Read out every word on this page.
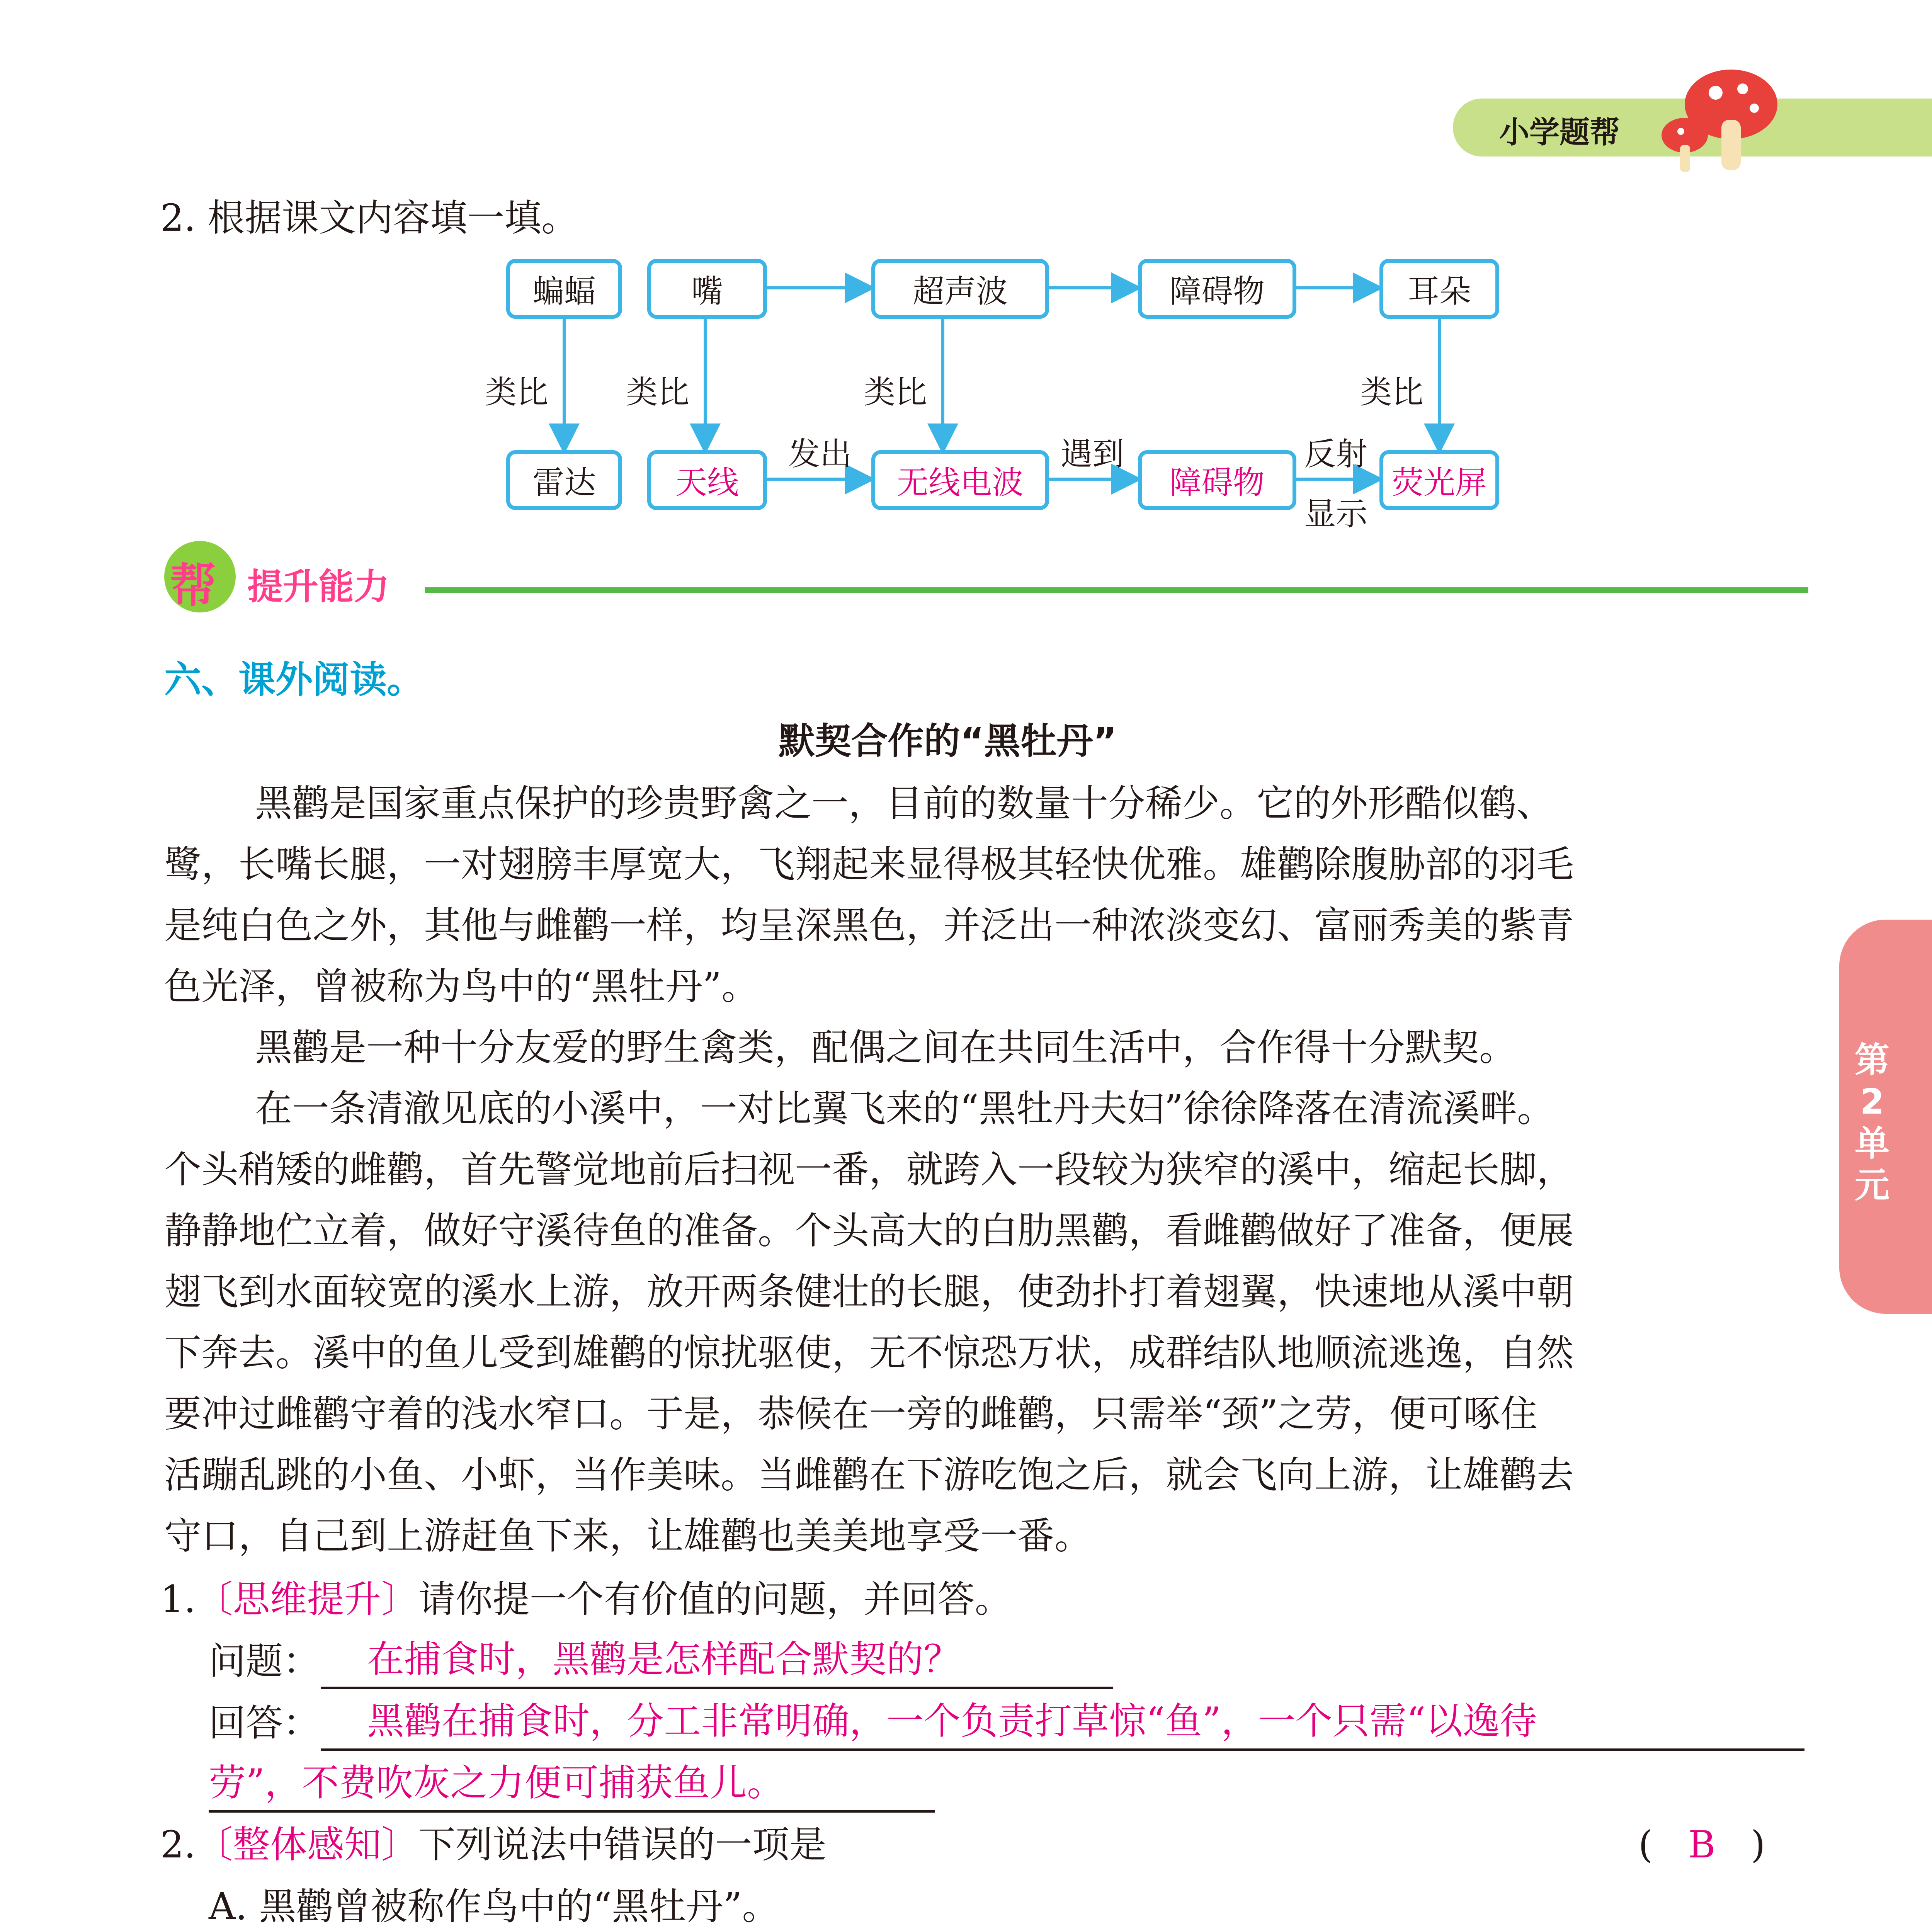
小学题帮
2. 根据课文内容填一填。
蝙蝠	嘴	超声波	障碍物	耳朵
雷达	天线	无线电波	障碍物	荧光屏
类比 类比	类比	类比
发出	遇到	反射
显示
帮 提升能力
六、课外阅读。
默契合作的“黑牡丹”
黑鹳是国家重点保护的珍贵野禽之一，目前的数量十分稀少。它的外形酷似鹤、
鹭，长嘴长腿，一对翅膀丰厚宽大，飞翔起来显得极其轻快优雅。雄鹳除腹胁部的羽毛
是纯白色之外，其他与雌鹳一样，均呈深黑色，并泛出一种浓淡变幻、富丽秀美的紫青
色光泽，曾被称为鸟中的“黑牡丹”。
黑鹳是一种十分友爱的野生禽类，配偶之间在共同生活中，合作得十分默契。
在一条清澈见底的小溪中，一对比翼飞来的“黑牡丹夫妇”徐徐降落在清流溪畔。
个头稍矮的雌鹳，首先警觉地前后扫视一番，就跨入一段较为狭窄的溪中，缩起长脚，
静静地伫立着，做好守溪待鱼的准备。个头高大的白肋黑鹳，看雌鹳做好了准备，便展
翅飞到水面较宽的溪水上游，放开两条健壮的长腿，使劲扑打着翅翼，快速地从溪中朝
下奔去。溪中的鱼儿受到雄鹳的惊扰驱使，无不惊恐万状，成群结队地顺流逃逸，自然
要冲过雌鹳守着的浅水窄口。于是，恭候在一旁的雌鹳，只需举“颈”之劳，便可啄住
活蹦乱跳的小鱼、小虾，当作美味。当雌鹳在下游吃饱之后，就会飞向上游，让雄鹳去
守口，自己到上游赶鱼下来，让雄鹳也美美地享受一番。
第2单元
1.〔思维提升〕请你提一个有价值的问题，并回答。
问题： 在捕食时，黑鹳是怎样配合默契的？
回答： 黑鹳在捕食时，分工非常明确，一个负责打草惊“鱼”，一个只需“以逸待
劳”，不费吹灰之力便可捕获鱼儿。
2.〔整体感知〕下列说法中错误的一项是	(   B   )
A. 黑鹳曾被称作鸟中的“黑牡丹”。
